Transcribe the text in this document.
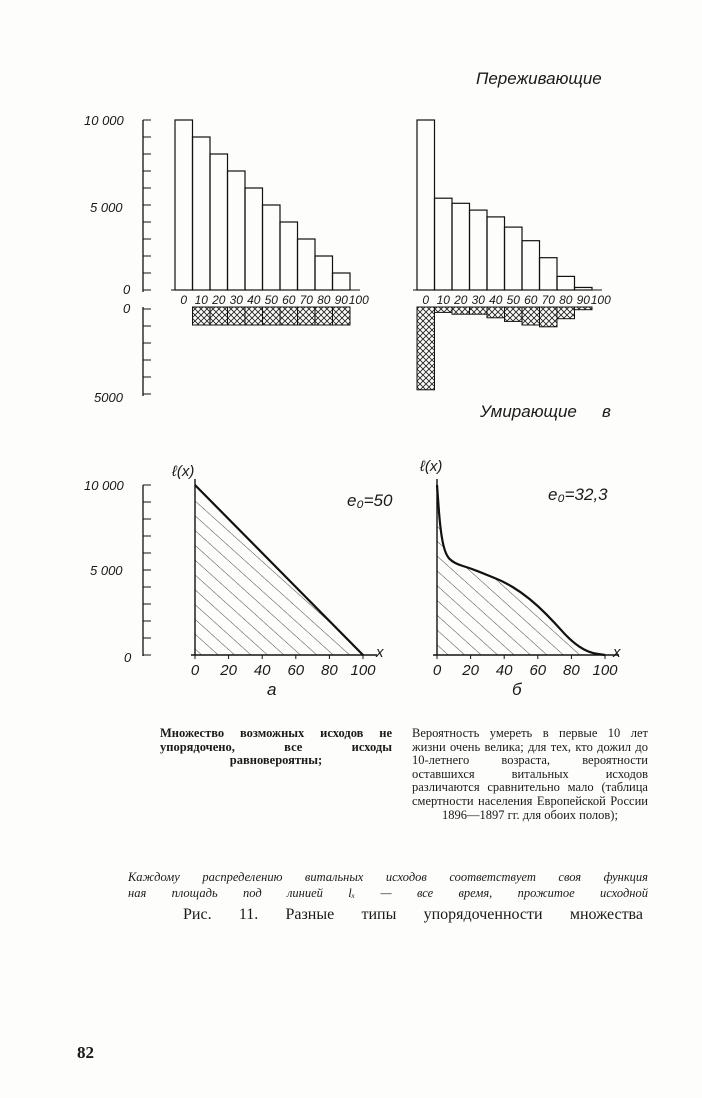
Переживающие
Умирающие в
10 000
5 000
0
0
5000
0 10 20 30 40 50 60 70 80 90 100	0 10 20 30 40 50 60 70 80 90 100
10 000
5 000
0
0 20 40 60 80 100	0 20 40 60 80 100
ℓ(x)	ℓ(x)
x	x
e₀=50	e₀=32,3
а	б
Множество возможных исходов не упорядочено, все исходы равновероятны;
Вероятность умереть в первые 10 лет жизни очень велика; для тех, кто дожил до 10-летнего возраста, вероятности оставшихся витальных исходов различаются сравнительно мало (таблица смертности населения Европейской России 1896—1897 гг. для обоих полов);
Каждому распределению витальных исходов соответствует своя функция
ная площадь под линией lₓ — все время, прожитое исходной
Рис. 11. Разные типы упорядоченности множества
82
